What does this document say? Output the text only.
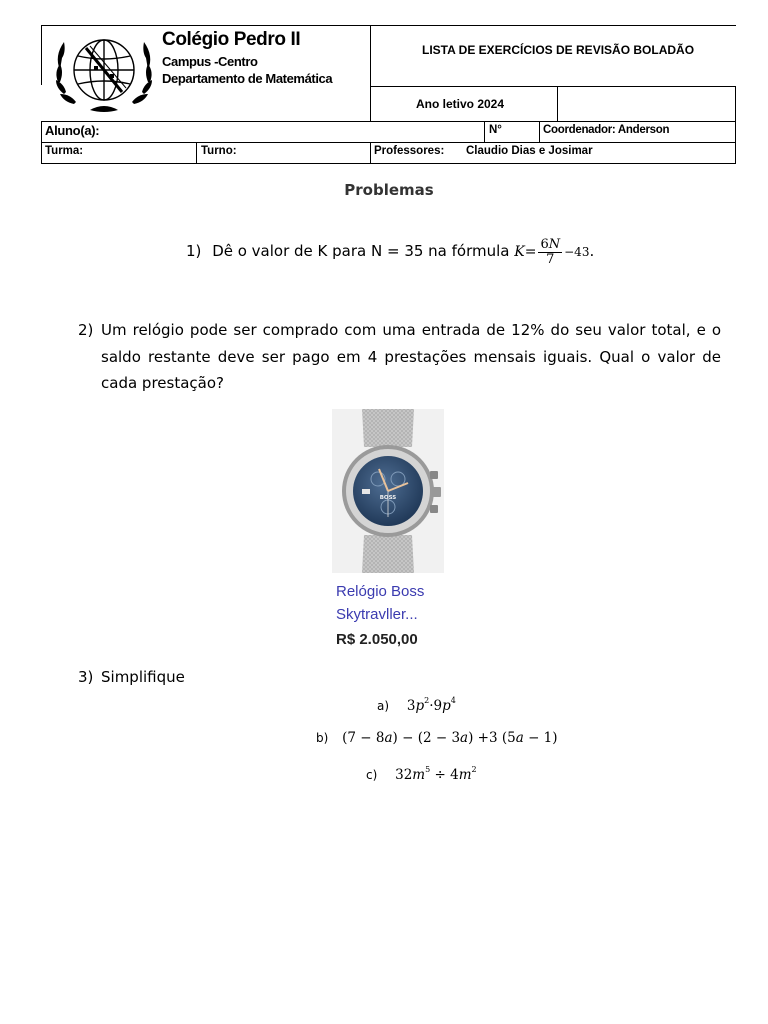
Colégio Pedro II
Campus -Centro
Departamento de Matemática
LISTA DE EXERCÍCIOS DE REVISÃO BOLADÃO
Ano letivo 2024
Aluno(a):	N°	Coordenador: Anderson
Turma:	Turno:	Professores: Claudio Dias e Josimar
Problemas
1) Dê o valor de K para N = 35 na fórmula $K= \frac{6N}{7} -43$.
2) Um relógio pode ser comprado com uma entrada de 12% do seu valor total, e o saldo restante deve ser pago em 4 prestações mensais iguais. Qual o valor de cada prestação?
BOSS
Relógio Boss
Skytravller...
R$ 2.050,00
3) Simplifique
a) $3p^2\cdot 9p^4$
b) (7 − 8a) − (2 − 3a) +3 (5a − 1)
c) $32m^5 \div 4m^2$
